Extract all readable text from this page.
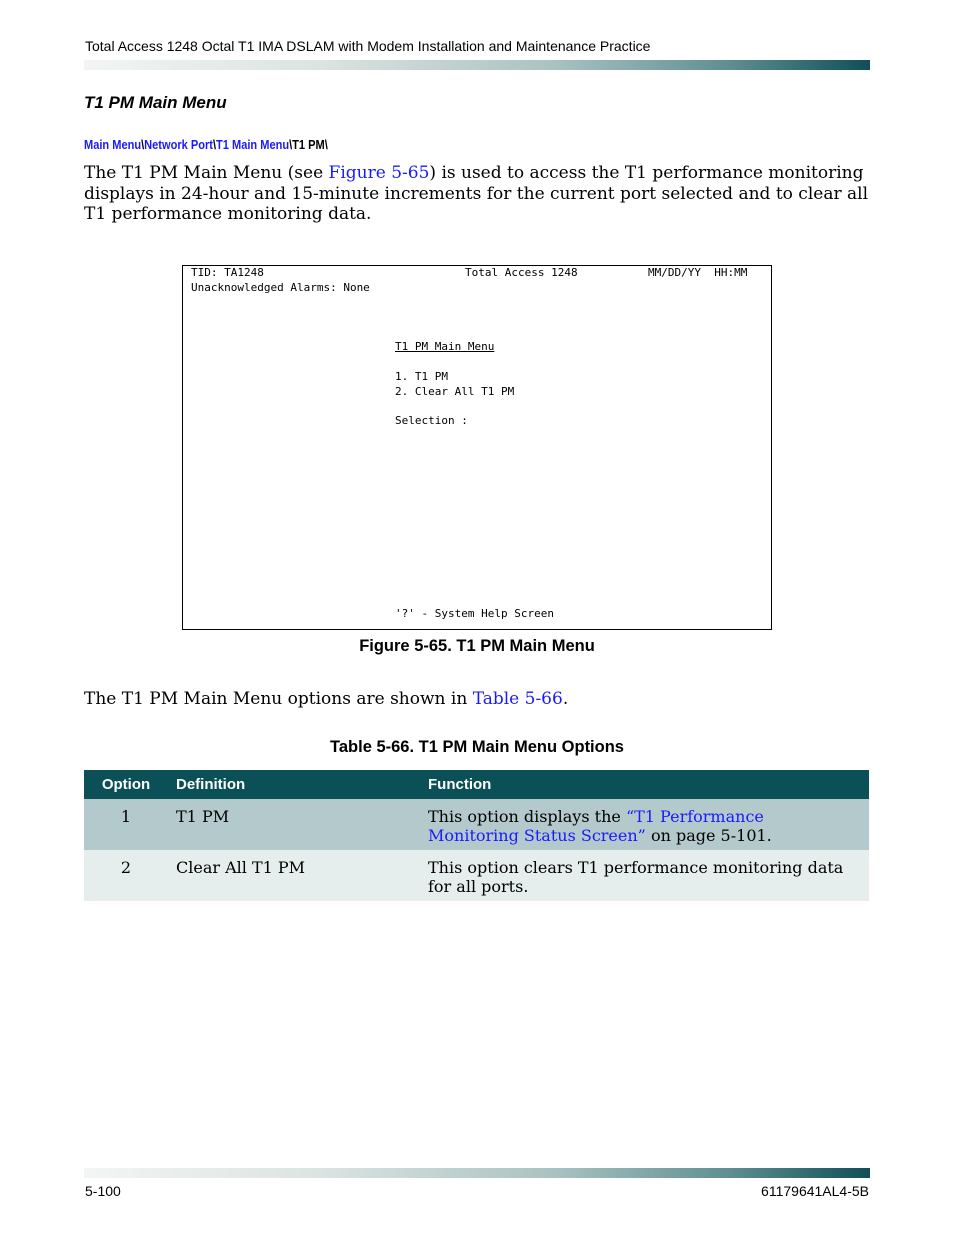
Total Access 1248 Octal T1 IMA DSLAM with Modem Installation and Maintenance Practice
T1 PM Main Menu
Main Menu\Network Port\T1 Main Menu\T1 PM\
The T1 PM Main Menu (see Figure 5-65) is used to access the T1 performance monitoring displays in 24-hour and 15-minute increments for the current port selected and to clear all T1 performance monitoring data.
TID: TA1248	Total Access 1248	MM/DD/YY  HH:MM
Unacknowledged Alarms: None
T1 PM Main Menu
1. T1 PM
2. Clear All T1 PM
Selection :
'?' - System Help Screen
Figure 5-65. T1 PM Main Menu
The T1 PM Main Menu options are shown in Table 5-66.
Table 5-66. T1 PM Main Menu Options
Option	Definition	Function
1	T1 PM	This option displays the “T1 Performance Monitoring Status Screen” on page 5-101.
2	Clear All T1 PM	This option clears T1 performance monitoring data for all ports.
5-100	61179641AL4-5B
